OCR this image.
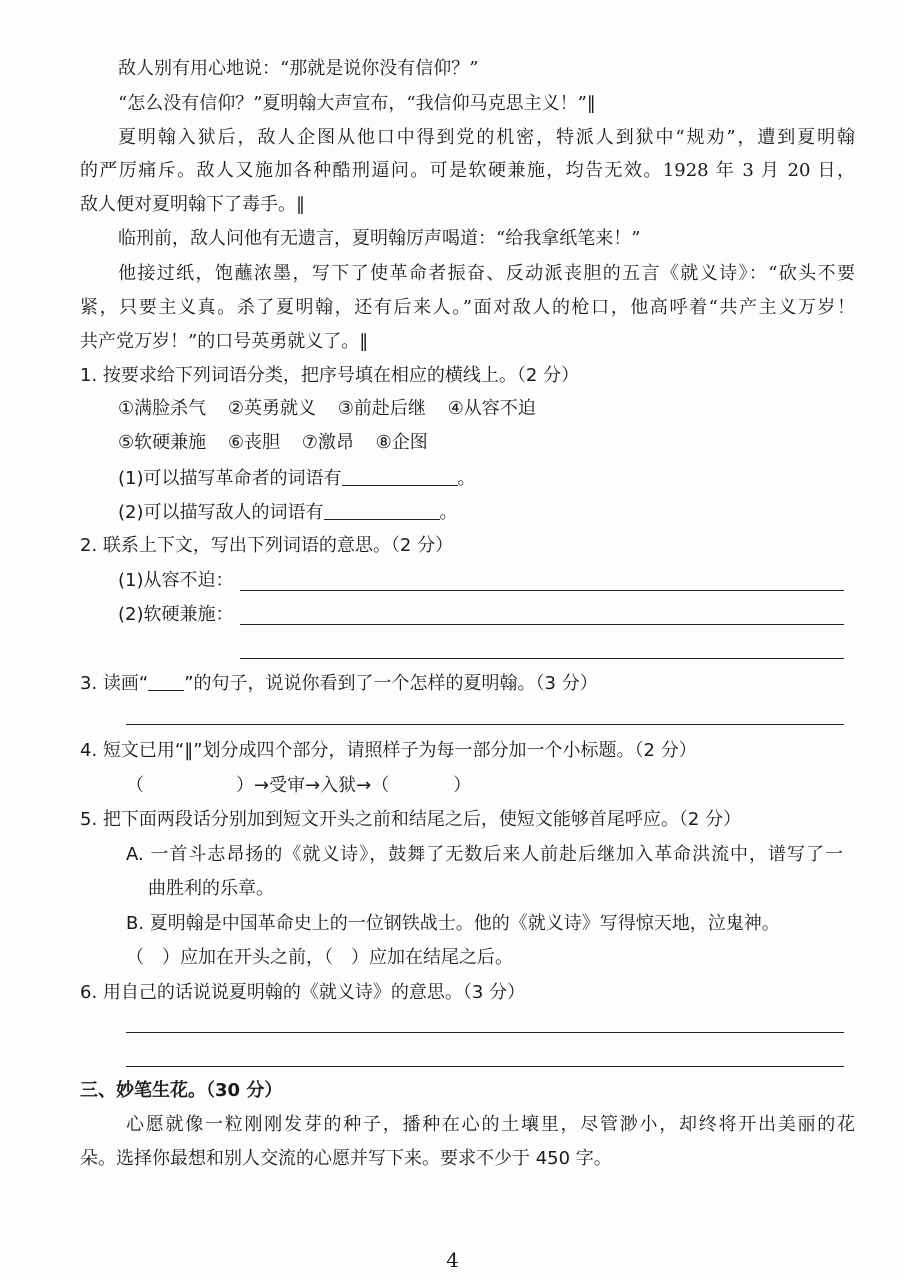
敌人别有用心地说：“那就是说你没有信仰？”
“怎么没有信仰？”夏明翰大声宣布，“我信仰马克思主义！”‖
夏明翰入狱后，敌人企图从他口中得到党的机密，特派人到狱中“规劝”，遭到夏明翰
的严厉痛斥。敌人又施加各种酷刑逼问。可是软硬兼施，均告无效。1928 年 3 月 20 日，
敌人便对夏明翰下了毒手。‖
临刑前，敌人问他有无遗言，夏明翰厉声喝道：“给我拿纸笔来！”
他接过纸，饱蘸浓墨，写下了使革命者振奋、反动派丧胆的五言《就义诗》：“砍头不要
紧，只要主义真。杀了夏明翰，还有后来人。”面对敌人的枪口，他高呼着“共产主义万岁！
共产党万岁！”的口号英勇就义了。‖
1. 按要求给下列词语分类，把序号填在相应的横线上。（2 分）
①满脸杀气 ②英勇就义 ③前赴后继 ④从容不迫
⑤软硬兼施 ⑥丧胆 ⑦激昂 ⑧企图
(1)可以描写革命者的词语有	。
(2)可以描写敌人的词语有	。
2. 联系上下文，写出下列词语的意思。（2 分）
(1)从容不迫：
(2)软硬兼施：
3. 读画“ ”的句子，说说你看到了一个怎样的夏明翰。（3 分）
4. 短文已用“‖”划分成四个部分，请照样子为每一部分加一个小标题。（2 分）
（	）→受审→入狱→（	）
5. 把下面两段话分别加到短文开头之前和结尾之后，使短文能够首尾呼应。（2 分）
A. 一首斗志昂扬的《就义诗》，鼓舞了无数后来人前赴后继加入革命洪流中，谱写了一
曲胜利的乐章。
B. 夏明翰是中国革命史上的一位钢铁战士。他的《就义诗》写得惊天地，泣鬼神。
（ ）应加在开头之前，（ ）应加在结尾之后。
6. 用自己的话说说夏明翰的《就义诗》的意思。（3 分）
三、妙笔生花。（30 分）
心愿就像一粒刚刚发芽的种子，播种在心的土壤里，尽管渺小，却终将开出美丽的花
朵。选择你最想和别人交流的心愿并写下来。要求不少于 450 字。
4
